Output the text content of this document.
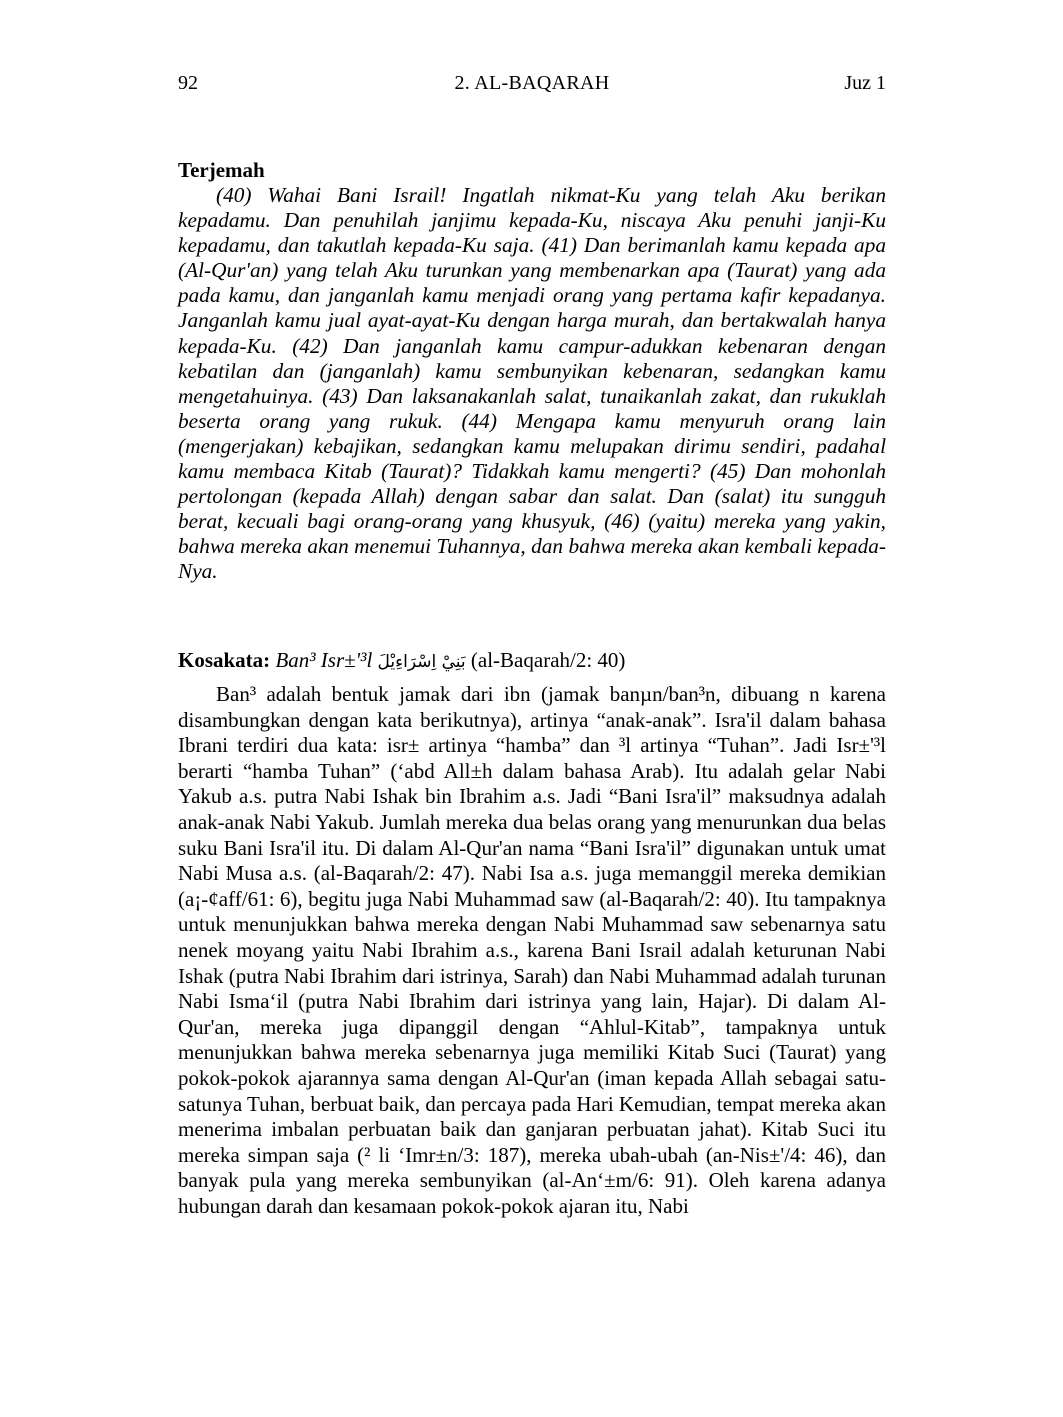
92	2. AL-BAQARAH	Juz 1
Terjemah

(40) Wahai Bani Israil! Ingatlah nikmat-Ku yang telah Aku berikan kepadamu. Dan penuhilah janjimu kepada-Ku, niscaya Aku penuhi janji-Ku kepadamu, dan takutlah kepada-Ku saja. (41) Dan berimanlah kamu kepada apa (Al-Qur'an) yang telah Aku turunkan yang membenarkan apa (Taurat) yang ada pada kamu, dan janganlah kamu menjadi orang yang pertama kafir kepadanya. Janganlah kamu jual ayat-ayat-Ku dengan harga murah, dan bertakwalah hanya kepada-Ku. (42) Dan janganlah kamu campur-adukkan kebenaran dengan kebatilan dan (janganlah) kamu sembunyikan kebenaran, sedangkan kamu mengetahuinya. (43) Dan laksanakanlah salat, tunaikanlah zakat, dan rukuklah beserta orang yang rukuk. (44) Mengapa kamu menyuruh orang lain (mengerjakan) kebajikan, sedangkan kamu melupakan dirimu sendiri, padahal kamu membaca Kitab (Taurat)? Tidakkah kamu mengerti? (45) Dan mohonlah pertolongan (kepada Allah) dengan sabar dan salat. Dan (salat) itu sungguh berat, kecuali bagi orang-orang yang khusyuk, (46) (yaitu) mereka yang yakin, bahwa mereka akan menemui Tuhannya, dan bahwa mereka akan kembali kepada-Nya.

Kosakata: Ban³ Isr±'³l بَنِيْ اِسْرَاءِيْلَ (al-Baqarah/2: 40)

Ban³ adalah bentuk jamak dari ibn (jamak banµn/ban³n, dibuang n karena disambungkan dengan kata berikutnya), artinya “anak-anak”. Isra'il dalam bahasa Ibrani terdiri dua kata: isr± artinya “hamba” dan ³l artinya “Tuhan”. Jadi Isr±'³l berarti “hamba Tuhan” (‘abd All±h dalam bahasa Arab). Itu adalah gelar Nabi Yakub a.s. putra Nabi Ishak bin Ibrahim a.s. Jadi “Bani Isra'il” maksudnya adalah anak-anak Nabi Yakub. Jumlah mereka dua belas orang yang menurunkan dua belas suku Bani Isra'il itu. Di dalam Al-Qur'an nama “Bani Isra'il” digunakan untuk umat Nabi Musa a.s. (al-Baqarah/2: 47). Nabi Isa a.s. juga memanggil mereka demikian (a¡-¢aff/61: 6), begitu juga Nabi Muhammad saw (al-Baqarah/2: 40). Itu tampaknya untuk menunjukkan bahwa mereka dengan Nabi Muhammad saw sebenarnya satu nenek moyang yaitu Nabi Ibrahim a.s., karena Bani Israil adalah keturunan Nabi Ishak (putra Nabi Ibrahim dari istrinya, Sarah) dan Nabi Muhammad adalah turunan Nabi Isma‘il (putra Nabi Ibrahim dari istrinya yang lain, Hajar). Di dalam Al-Qur'an, mereka juga dipanggil dengan “Ahlul-Kitab”, tampaknya untuk menunjukkan bahwa mereka sebenarnya juga memiliki Kitab Suci (Taurat) yang pokok-pokok ajarannya sama dengan Al-Qur'an (iman kepada Allah sebagai satu-satunya Tuhan, berbuat baik, dan percaya pada Hari Kemudian, tempat mereka akan menerima imbalan perbuatan baik dan ganjaran perbuatan jahat). Kitab Suci itu mereka simpan saja (² li ‘Imr±n/3: 187), mereka ubah-ubah (an-Nis±'/4: 46), dan banyak pula yang mereka sembunyikan (al-An‘±m/6: 91). Oleh karena adanya hubungan darah dan kesamaan pokok-pokok ajaran itu, Nabi
